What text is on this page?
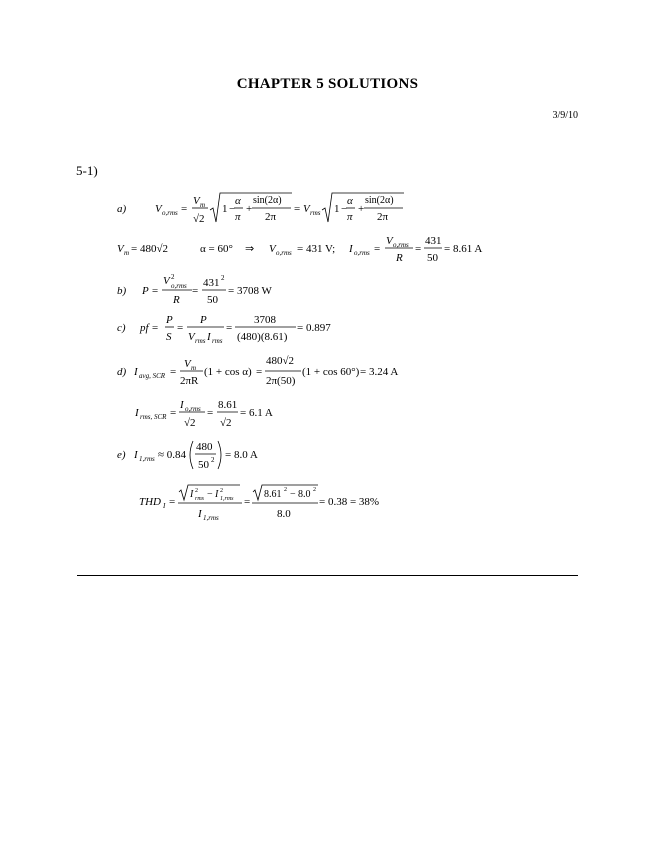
CHAPTER 5 SOLUTIONS
3/9/10
5-1)
a)	V o,rms =
V m
√2
1 −
α
π
+
sin(2α)
2π
= V rms 1 −
α
π
+
sin(2α)
2π
V m = 480√2	α = 60° ⇒ V o,rms = 431 V; I o,rms =
V o,rms
R
=
431
50
= 8.61 A
b) P =
V 2
o,rms
R
=
431 2
50
= 3708 W
c) pf =
P
S
=
P
V rms I rms
=
3708
(480)(8.61)
= 0.897
d) I avg, SCR =
V m
2πR
(1 + cos α) =
480√2
2π(50)
(1 + cos 60°) = 3.24 A
I rms, SCR =
I o,rms
√2
=
8.61
√2
= 6.1 A
e) I 1,rms ≈ 0.84
480
50 2 = 8.0 A
THD I =
I 2
rms − I 2
1,rms
I 1,rms
=
8.61 2 − 8.0 2
8.0
= 0.38 = 38%
